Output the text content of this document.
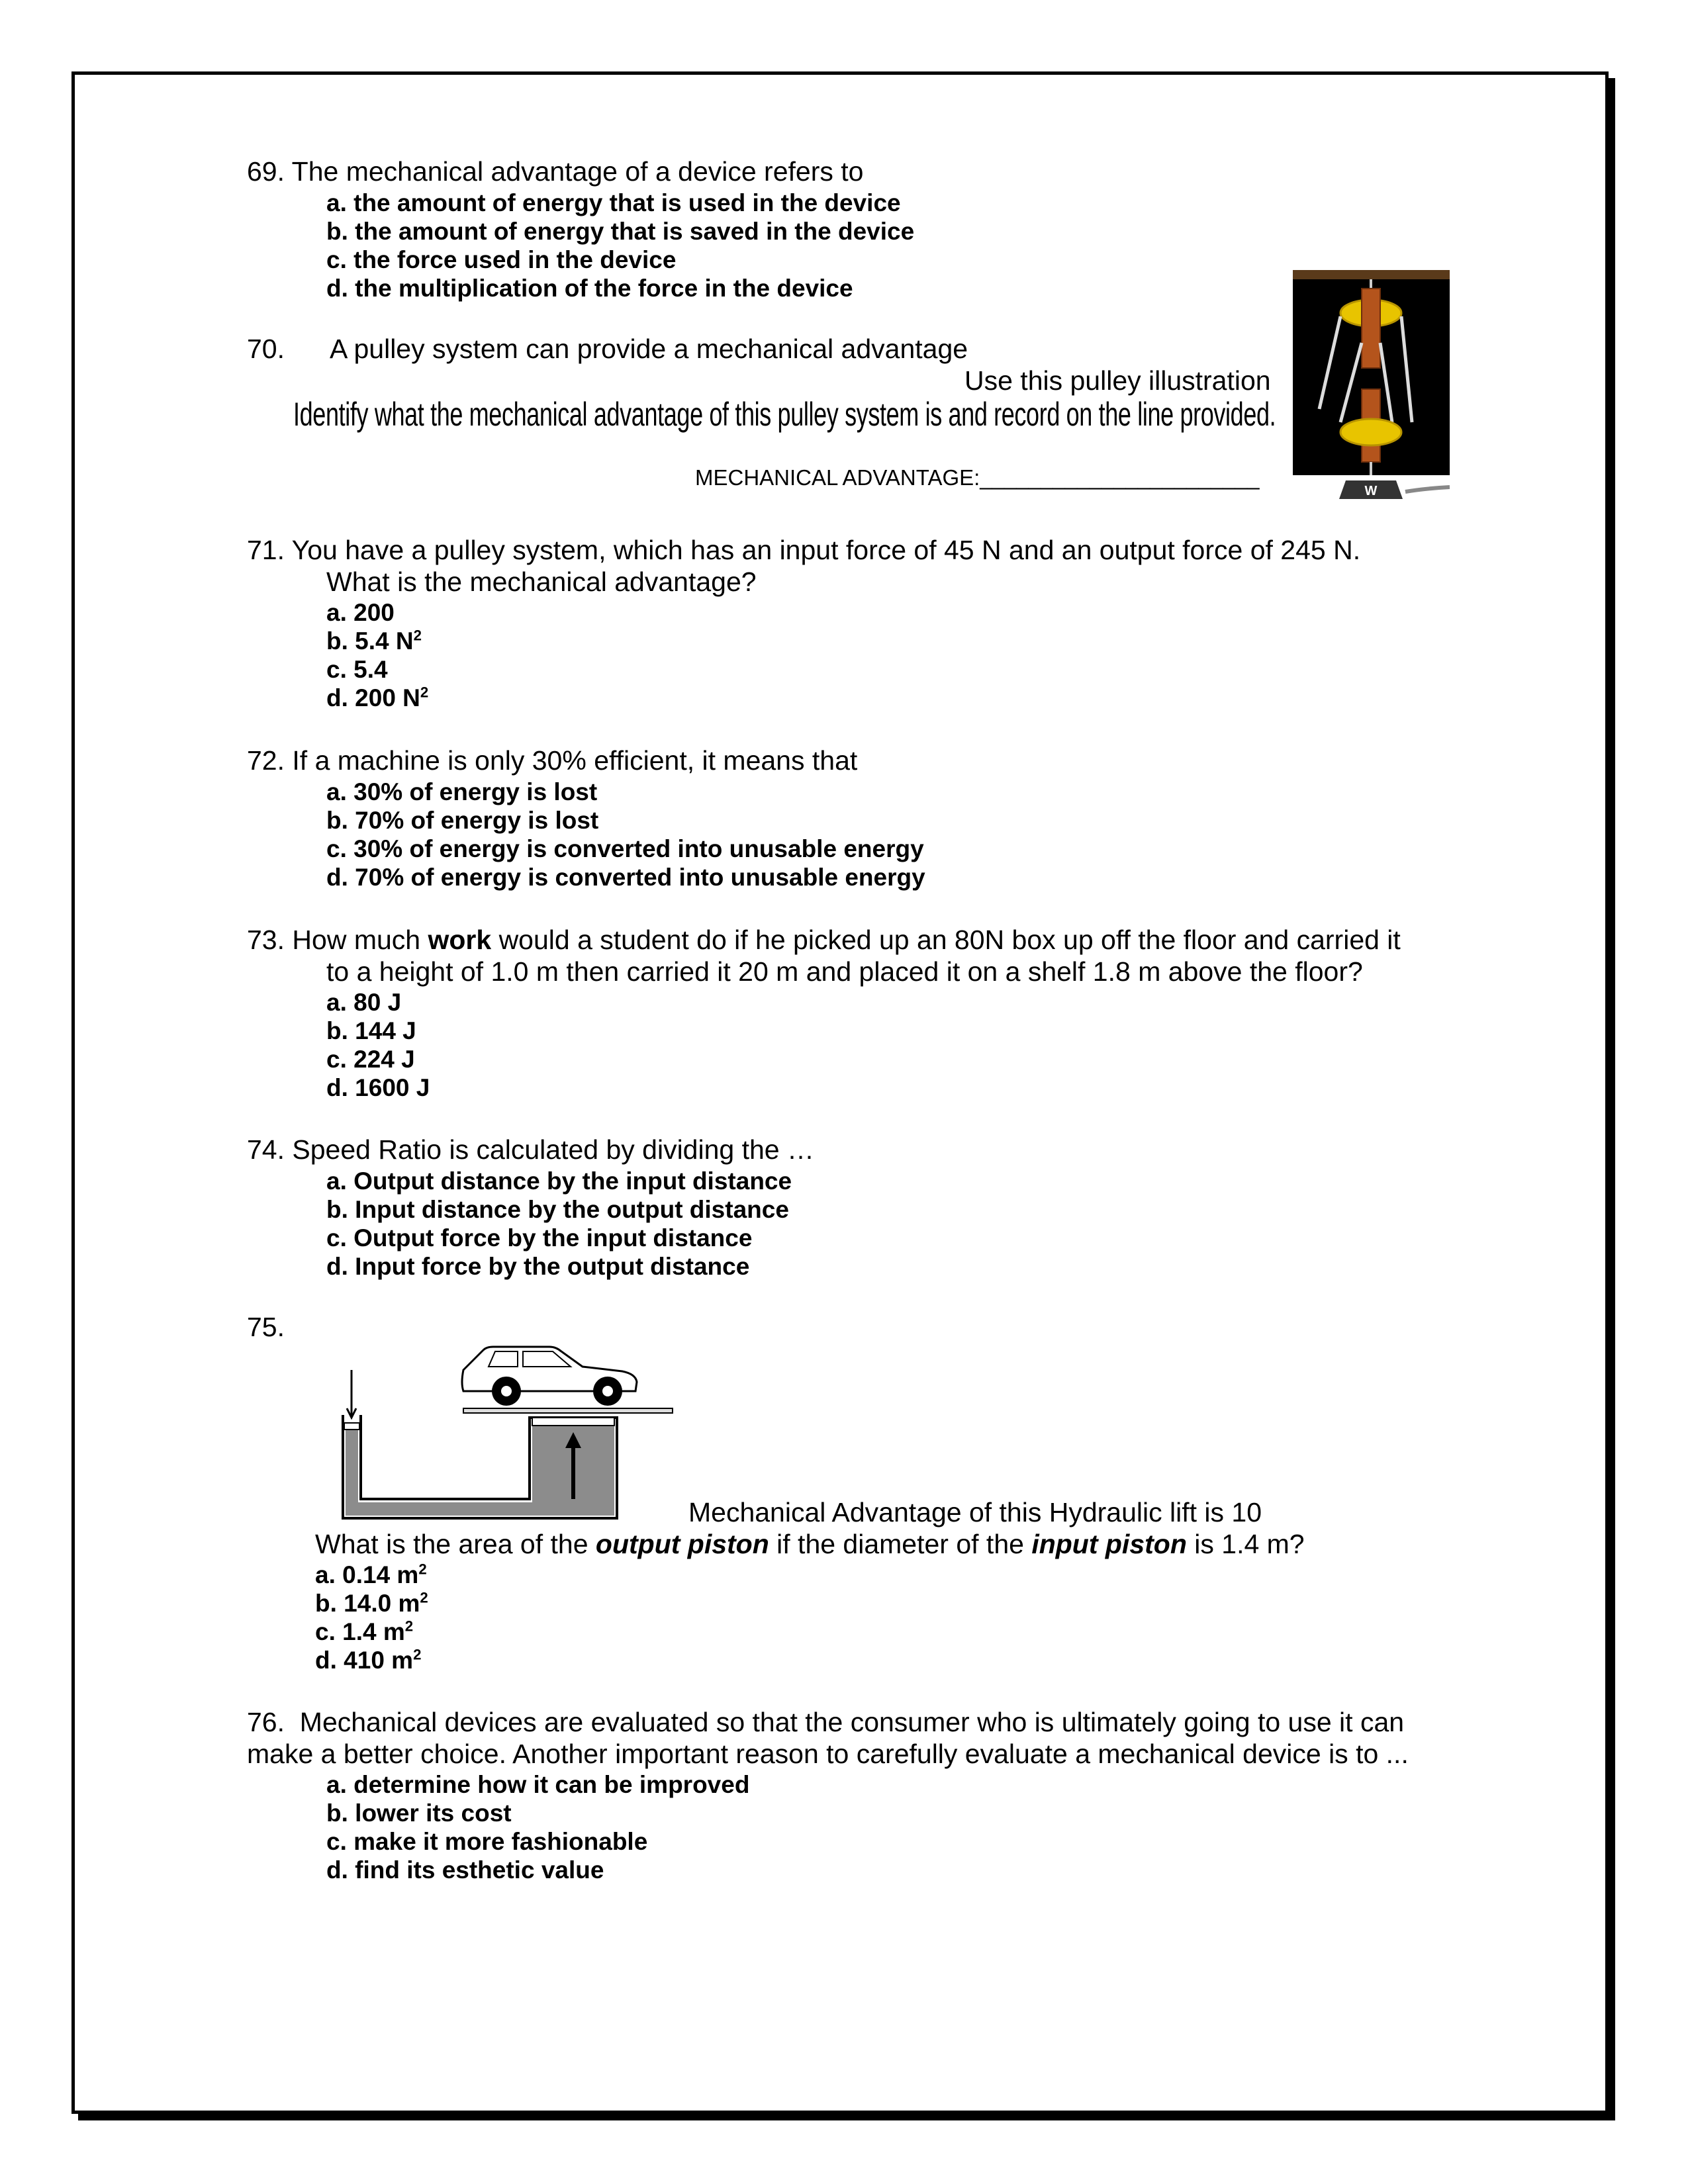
69. The mechanical advantage of a device refers to
a. the amount of energy that is used in the device
b. the amount of energy that is saved in the device
c. the force used in the device
d. the multiplication of the force in the device
70. A pulley system can provide a mechanical advantage
Use this pulley illustration
Identify what the mechanical advantage of this pulley system is and record on the line provided.
MECHANICAL ADVANTAGE:_______________________
W
71. You have a pulley system, which has an input force of 45 N and an output force of 245 N.
What is the mechanical advantage?
a. 200
b. 5.4 $N^2$
c. 5.4
d. 200 $N^2$
72. If a machine is only 30% efficient, it means that
a. 30% of energy is lost
b. 70% of energy is lost
c. 30% of energy is converted into unusable energy
d. 70% of energy is converted into unusable energy
73. How much work would a student do if he picked up an 80N box up off the floor and carried it
to a height of 1.0 m then carried it 20 m and placed it on a shelf 1.8 m above the floor?
a. 80 J
b. 144 J
c. 224 J
d. 1600 J
74. Speed Ratio is calculated by dividing the …
a. Output distance by the input distance
b. Input distance by the output distance
c. Output force by the input distance
d. Input force by the output distance
75.
Mechanical Advantage of this Hydraulic lift is 10
What is the area of the output piston if the diameter of the input piston is 1.4 m?
a. 0.14 $m^2$
b. 14.0 $m^2$
c. 1.4 $m^2$
d. 410 $m^2$
76. Mechanical devices are evaluated so that the consumer who is ultimately going to use it can
make a better choice. Another important reason to carefully evaluate a mechanical device is to ...
a. determine how it can be improved
b. lower its cost
c. make it more fashionable
d. find its esthetic value
